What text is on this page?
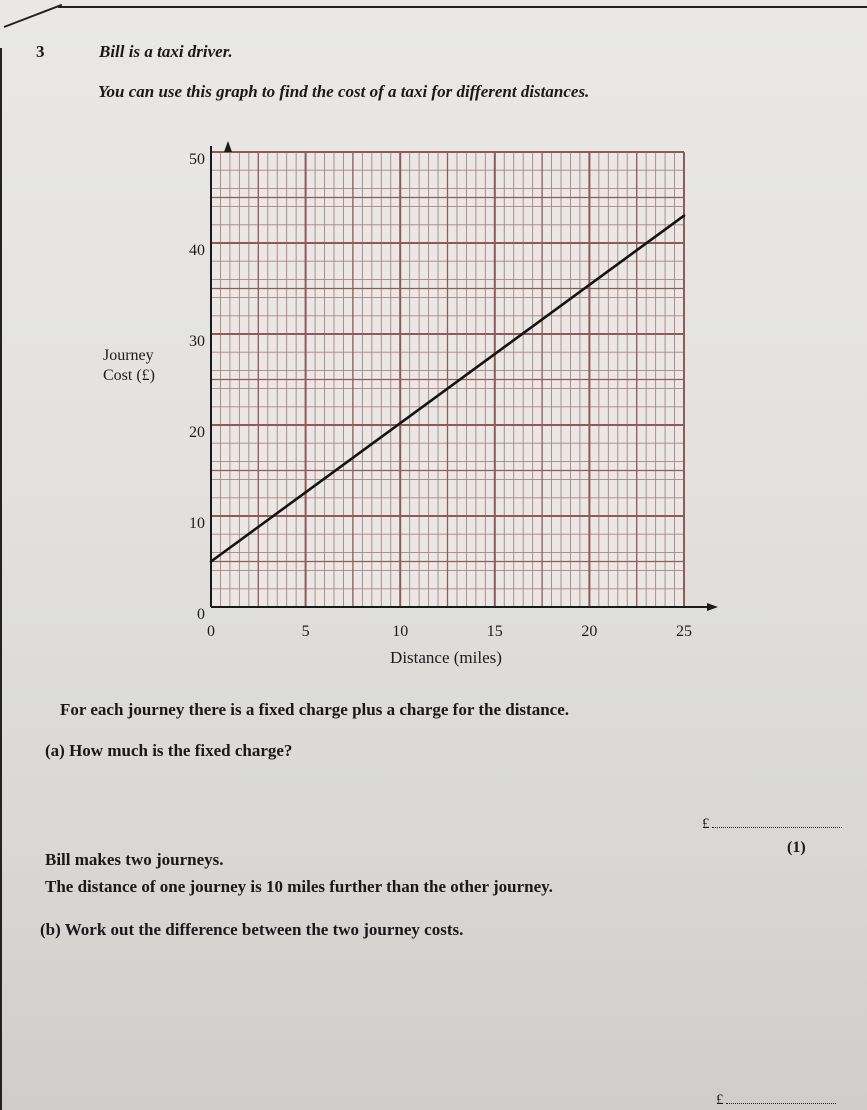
3	Bill is a taxi driver.
You can use this graph to find the cost of a taxi for different distances.
0	5	10	15	20	25
0
10
20
30
40
50
Distance (miles)
Journey
Cost (£)
For each journey there is a fixed charge plus a charge for the distance.
(a) How much is the fixed charge?
£
(1)
Bill makes two journeys.
The distance of one journey is 10 miles further than the other journey.
(b) Work out the difference between the two journey costs.
£
